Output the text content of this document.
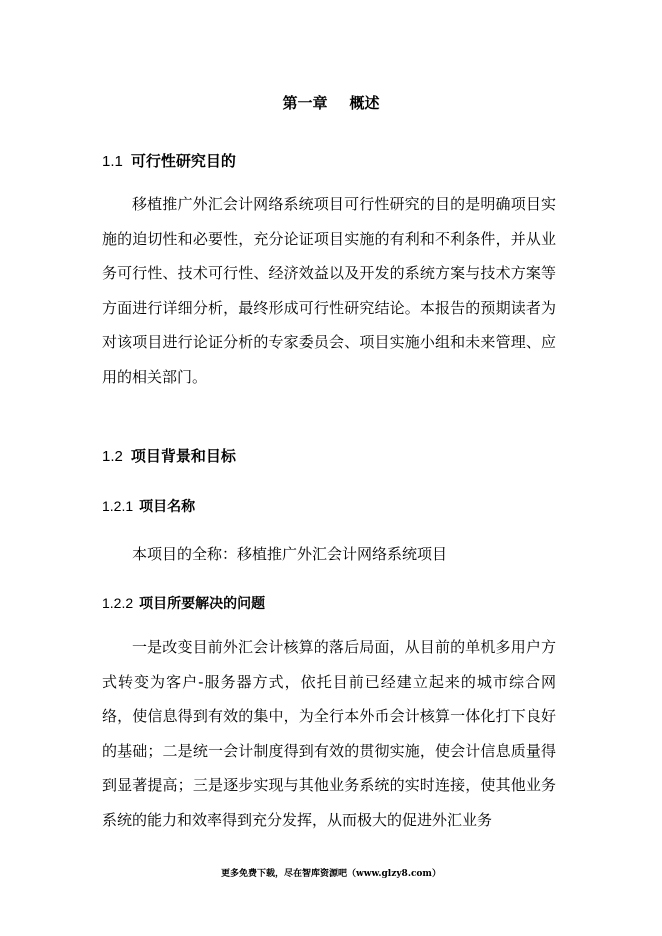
第一章 概述
1.1 可行性研究目的
移植推广外汇会计网络系统项目可行性研究的目的是明确项目实施的迫切性和必要性，充分论证项目实施的有利和不利条件，并从业务可行性、技术可行性、经济效益以及开发的系统方案与技术方案等方面进行详细分析，最终形成可行性研究结论。本报告的预期读者为对该项目进行论证分析的专家委员会、项目实施小组和未来管理、应用的相关部门。
1.2 项目背景和目标
1.2.1 项目名称
本项目的全称：移植推广外汇会计网络系统项目
1.2.2 项目所要解决的问题
一是改变目前外汇会计核算的落后局面，从目前的单机多用户方式转变为客户-服务器方式，依托目前已经建立起来的城市综合网络，使信息得到有效的集中，为全行本外币会计核算一体化打下良好的基础；二是统一会计制度得到有效的贯彻实施，使会计信息质量得到显著提高；三是逐步实现与其他业务系统的实时连接，使其他业务系统的能力和效率得到充分发挥，从而极大的促进外汇业务
更多免费下载，尽在智库资源吧（www.glzy8.com）
